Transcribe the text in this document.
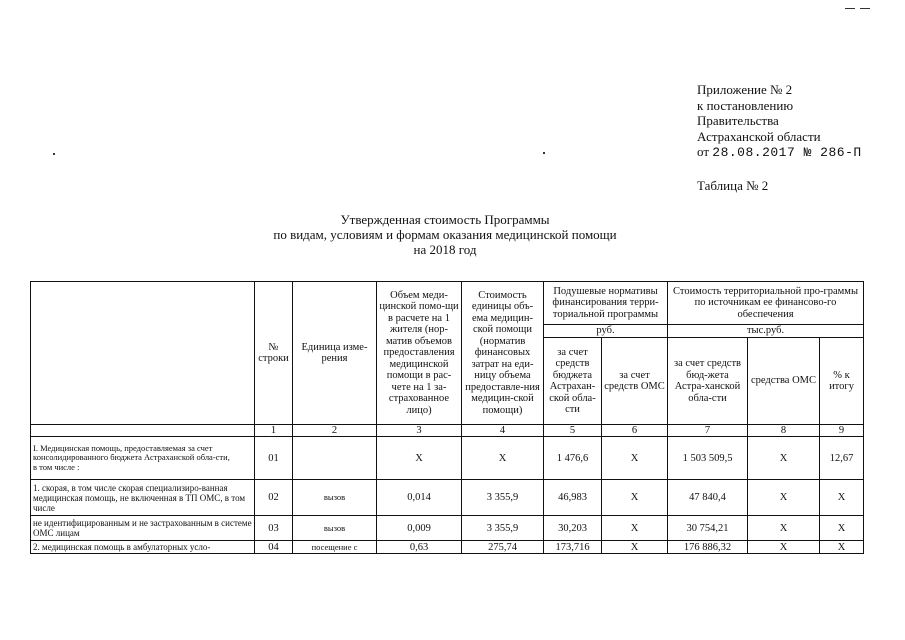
Приложение № 2
к постановлению
Правительства
Астраханской области
от 28.08.2017 № 286-П
Таблица № 2
Утвержденная стоимость Программы
по видам, условиям и формам оказания медицинской помощи
на 2018 год
	№ строки	Единица изме-рения	Объем меди-цинской помо-щи в расчете на 1 жителя (нор-матив объемов предоставления медицинской помощи в рас-чете на 1 за-страхованное лицо)	Стоимость единицы объ-ема медицин-ской помощи (норматив финансовых затрат на еди-ницу объема предоставле-ния медицин-ской помощи)	Подушевые нормативы финансирования терри-ториальной программы		Стоимость территориальной про-граммы по источникам ее финансово-го обеспечения		
					руб.		тыс.руб.		
					за счет средств бюджета Астрахан-ской обла-сти	за счет средств ОМС	за счет средств бюд-жета Астра-ханской обла-сти	средства ОМС	% к итогу
	1	2	3	4	5	6	7	8	9
I. Медицинская помощь, предоставляемая за счет консолидированного бюджета Астраханской обла-сти,
в том числе :	01		X	X	1 476,6	X	1 503 509,5	X	12,67
1. скорая, в том числе скорая специализиро-ванная медицинская помощь, не включенная в ТП ОМС, в том числе	02	вызов	0,014	3 355,9	46,983	X	47 840,4	X	X
не идентифицированным и не застрахованным в системе ОМС лицам	03	вызов	0,009	3 355,9	30,203	X	30 754,21	X	X
2. медицинская помощь в амбулаторных усло-	04	посещение с	0,63	275,74	173,716	X	176 886,32	X	X
